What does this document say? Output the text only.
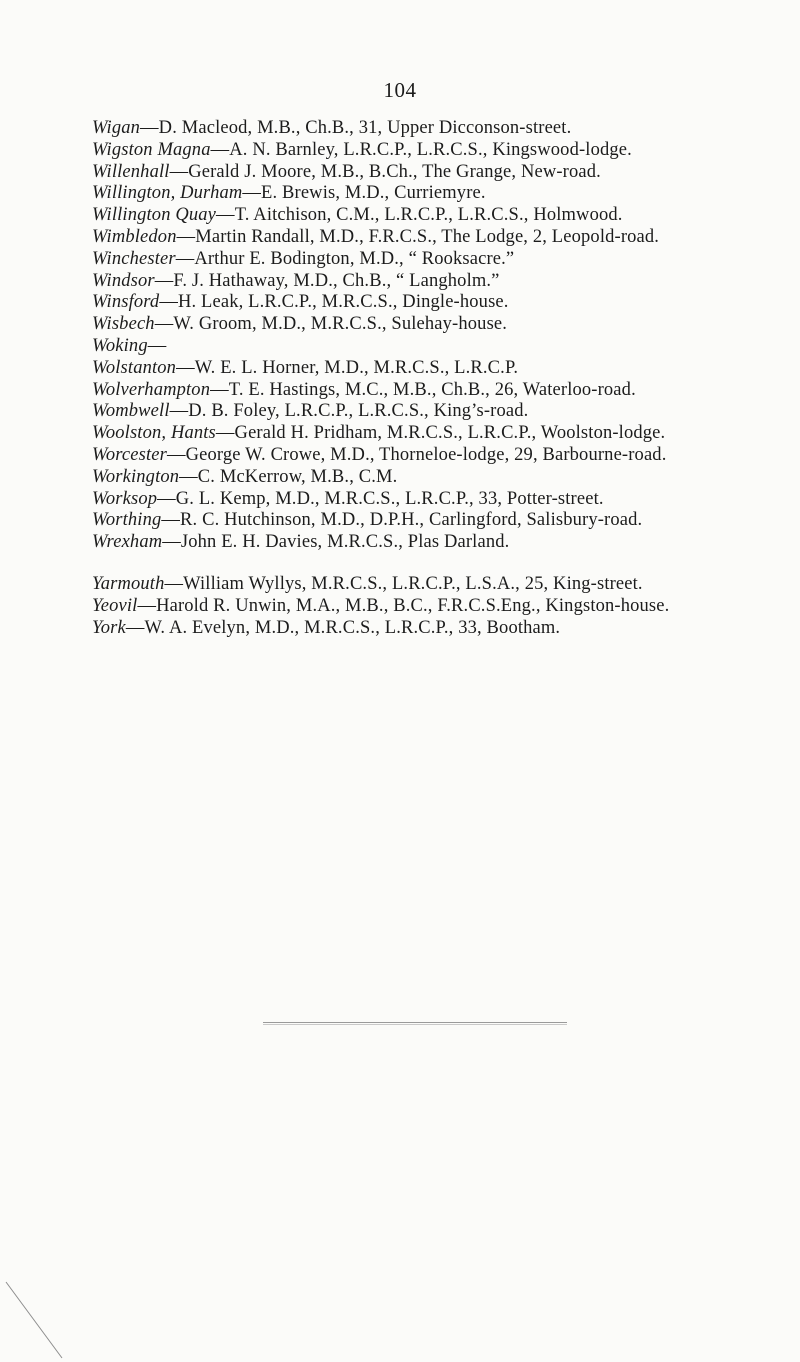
104
Wigan—D. Macleod, M.B., Ch.B., 31, Upper Dicconson-street.
Wigston Magna—A. N. Barnley, L.R.C.P., L.R.C.S., Kingswood-lodge.
Willenhall—Gerald J. Moore, M.B., B.Ch., The Grange, New-road.
Willington, Durham—E. Brewis, M.D., Curriemyre.
Willington Quay—T. Aitchison, C.M., L.R.C.P., L.R.C.S., Holmwood.
Wimbledon—Martin Randall, M.D., F.R.C.S., The Lodge, 2, Leopold-road.
Winchester—Arthur E. Bodington, M.D., “ Rooksacre.”
Windsor—F. J. Hathaway, M.D., Ch.B., “ Langholm.”
Winsford—H. Leak, L.R.C.P., M.R.C.S., Dingle-house.
Wisbech—W. Groom, M.D., M.R.C.S., Sulehay-house.
Woking—
Wolstanton—W. E. L. Horner, M.D., M.R.C.S., L.R.C.P.
Wolverhampton—T. E. Hastings, M.C., M.B., Ch.B., 26, Waterloo-road.
Wombwell—D. B. Foley, L.R.C.P., L.R.C.S., King’s-road.
Woolston, Hants—Gerald H. Pridham, M.R.C.S., L.R.C.P., Woolston-lodge.
Worcester—George W. Crowe, M.D., Thorneloe-lodge, 29, Barbourne-road.
Workington—C. McKerrow, M.B., C.M.
Worksop—G. L. Kemp, M.D., M.R.C.S., L.R.C.P., 33, Potter-street.
Worthing—R. C. Hutchinson, M.D., D.P.H., Carlingford, Salisbury-road.
Wrexham—John E. H. Davies, M.R.C.S., Plas Darland.
Yarmouth—William Wyllys, M.R.C.S., L.R.C.P., L.S.A., 25, King-street.
Yeovil—Harold R. Unwin, M.A., M.B., B.C., F.R.C.S.Eng., Kingston-house.
York—W. A. Evelyn, M.D., M.R.C.S., L.R.C.P., 33, Bootham.
